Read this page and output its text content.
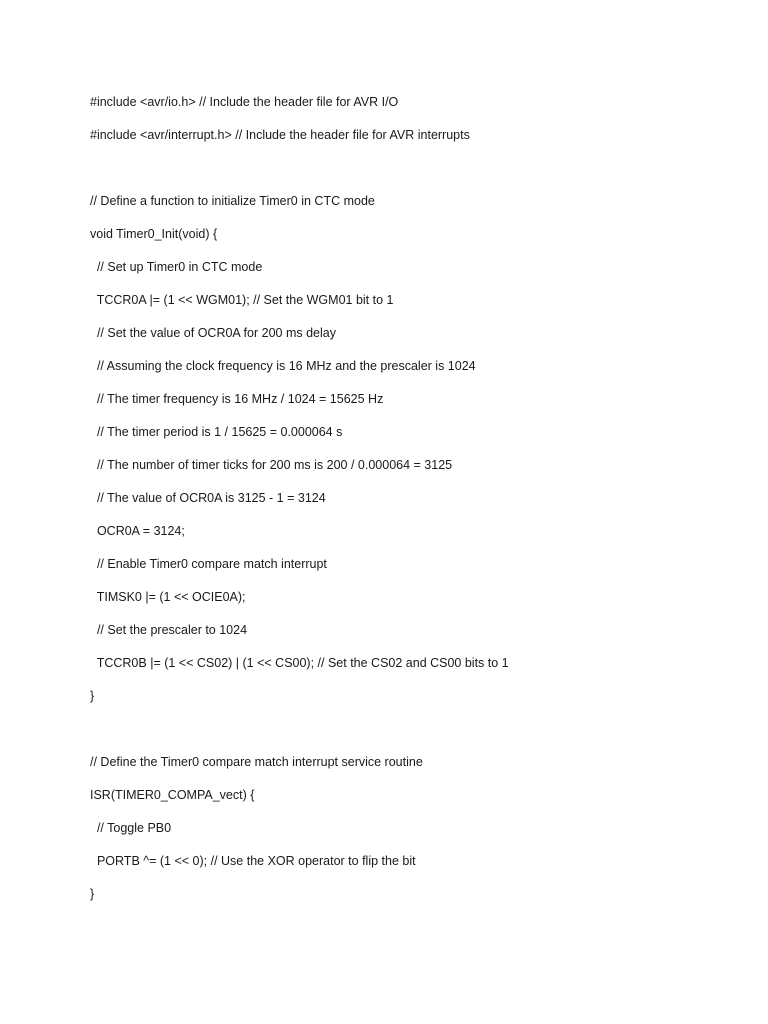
#include <avr/io.h> // Include the header file for AVR I/O
#include <avr/interrupt.h> // Include the header file for AVR interrupts
// Define a function to initialize Timer0 in CTC mode
void Timer0_Init(void) {
// Set up Timer0 in CTC mode
TCCR0A |= (1 << WGM01); // Set the WGM01 bit to 1
// Set the value of OCR0A for 200 ms delay
// Assuming the clock frequency is 16 MHz and the prescaler is 1024
// The timer frequency is 16 MHz / 1024 = 15625 Hz
// The timer period is 1 / 15625 = 0.000064 s
// The number of timer ticks for 200 ms is 200 / 0.000064 = 3125
// The value of OCR0A is 3125 - 1 = 3124
OCR0A = 3124;
// Enable Timer0 compare match interrupt
TIMSK0 |= (1 << OCIE0A);
// Set the prescaler to 1024
TCCR0B |= (1 << CS02) | (1 << CS00); // Set the CS02 and CS00 bits to 1
}
// Define the Timer0 compare match interrupt service routine
ISR(TIMER0_COMPA_vect) {
// Toggle PB0
PORTB ^= (1 << 0); // Use the XOR operator to flip the bit
}
